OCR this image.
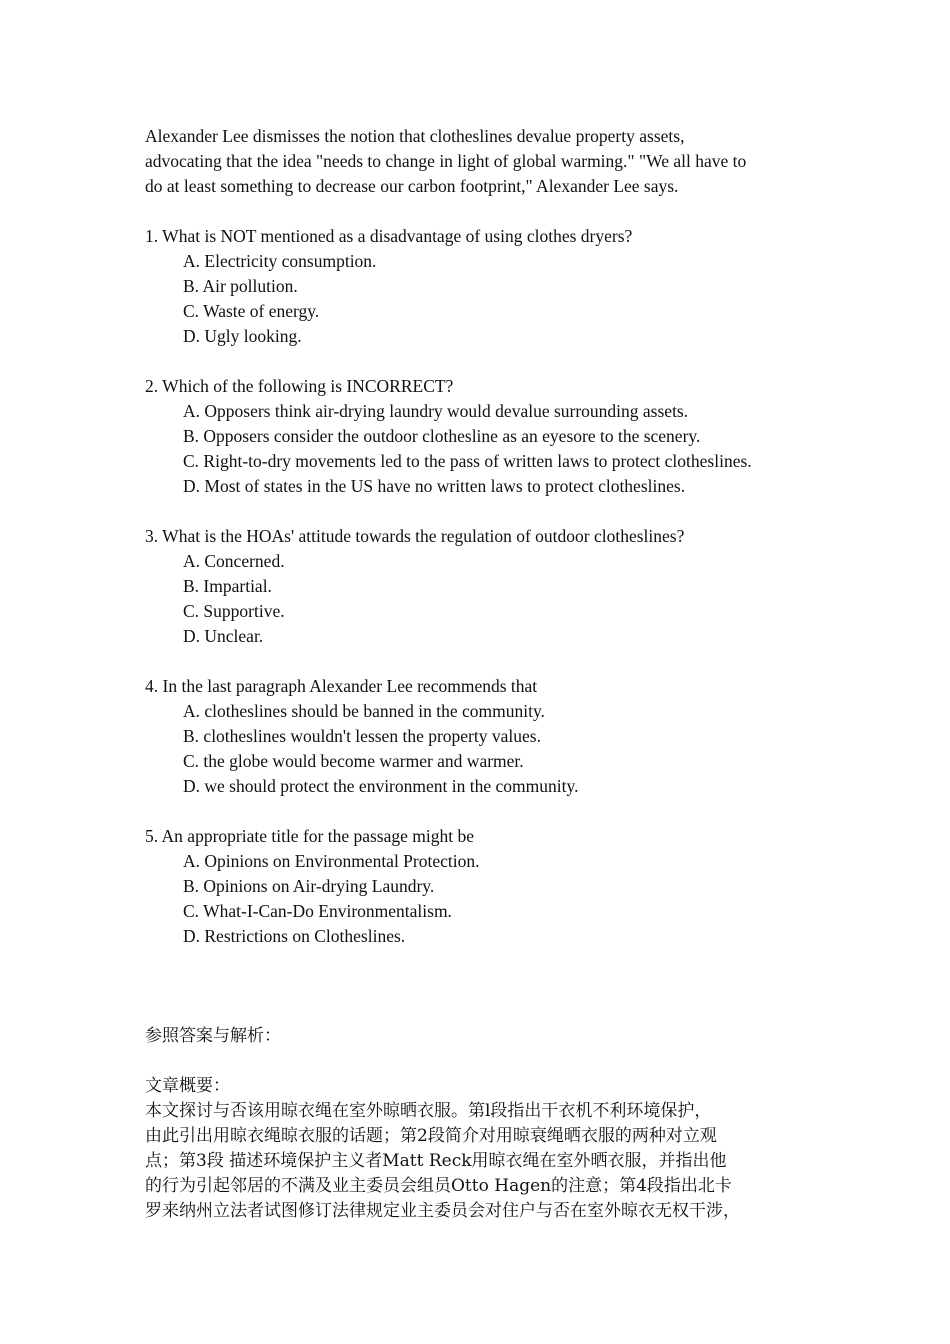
Alexander Lee dismisses the notion that clotheslines devalue property assets,

advocating that the idea "needs to change in light of global warming." "We all have to

do at least something to decrease our carbon footprint," Alexander Lee says.

1. What is NOT mentioned as a disadvantage of using clothes dryers?

A. Electricity consumption.
B. Air pollution.
C. Waste of energy.
D. Ugly looking.

2. Which of the following is INCORRECT?

A. Opposers think air-drying laundry would devalue surrounding assets.
B. Opposers consider the outdoor clothesline as an eyesore to the scenery.
C. Right-to-dry movements led to the pass of written laws to protect clotheslines.
D. Most of states in the US have no written laws to protect clotheslines.

3. What is the HOAs' attitude towards the regulation of outdoor clotheslines?

A. Concerned.
B. Impartial.
C. Supportive.
D. Unclear.

4. In the last paragraph Alexander Lee recommends that

A. clotheslines should be banned in the community.
B. clotheslines wouldn't lessen the property values.
C. the globe would become warmer and warmer.
D. we should protect the environment in the community.

5. An appropriate title for the passage might be

A. Opinions on Environmental Protection.
B. Opinions on Air-drying Laundry.
C. What-I-Can-Do Environmentalism.
D. Restrictions on Clotheslines.

参照答案与解析：

文章概要：

本文探讨与否该用晾衣绳在室外晾晒衣服。第l段指出干衣机不利环境保护，

由此引出用晾衣绳晾衣服的话题；第2段简介对用晾衰绳晒衣服的两种对立观

点；第3段 描述环境保护主义者Matt Reck用晾衣绳在室外晒衣服，并指出他

的行为引起邻居的不满及业主委员会组员Otto Hagen的注意；第4段指出北卡

罗来纳州立法者试图修订法律规定业主委员会对住户与否在室外晾衣无权干涉，
